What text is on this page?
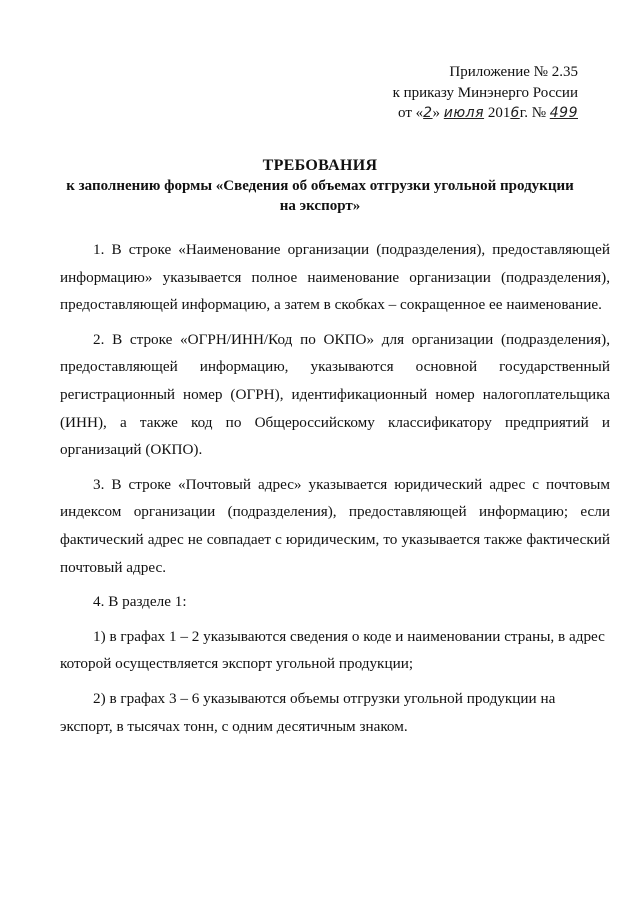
Приложение № 2.35
к приказу Минэнерго России
от «2» июля 2016г. № 499
ТРЕБОВАНИЯ
к заполнению формы «Сведения об объемах отгрузки угольной продукции на экспорт»

1. В строке «Наименование организации (подразделения), предоставляющей информацию» указывается полное наименование организации (подразделения), предоставляющей информацию, а затем в скобках – сокращенное ее наименование.

2. В строке «ОГРН/ИНН/Код по ОКПО» для организации (подразделения), предоставляющей информацию, указываются основной государственный регистрационный номер (ОГРН), идентификационный номер налогоплательщика (ИНН), а также код по Общероссийскому классификатору предприятий и организаций (ОКПО).

3. В строке «Почтовый адрес» указывается юридический адрес с почтовым индексом организации (подразделения), предоставляющей информацию; если фактический адрес не совпадает с юридическим, то указывается также фактический почтовый адрес.

4. В разделе 1:

1) в графах 1 – 2 указываются сведения о коде и наименовании страны, в адрес которой осуществляется экспорт угольной продукции;

2) в графах 3 – 6 указываются объемы отгрузки угольной продукции на экспорт, в тысячах тонн, с одним десятичным знаком.
